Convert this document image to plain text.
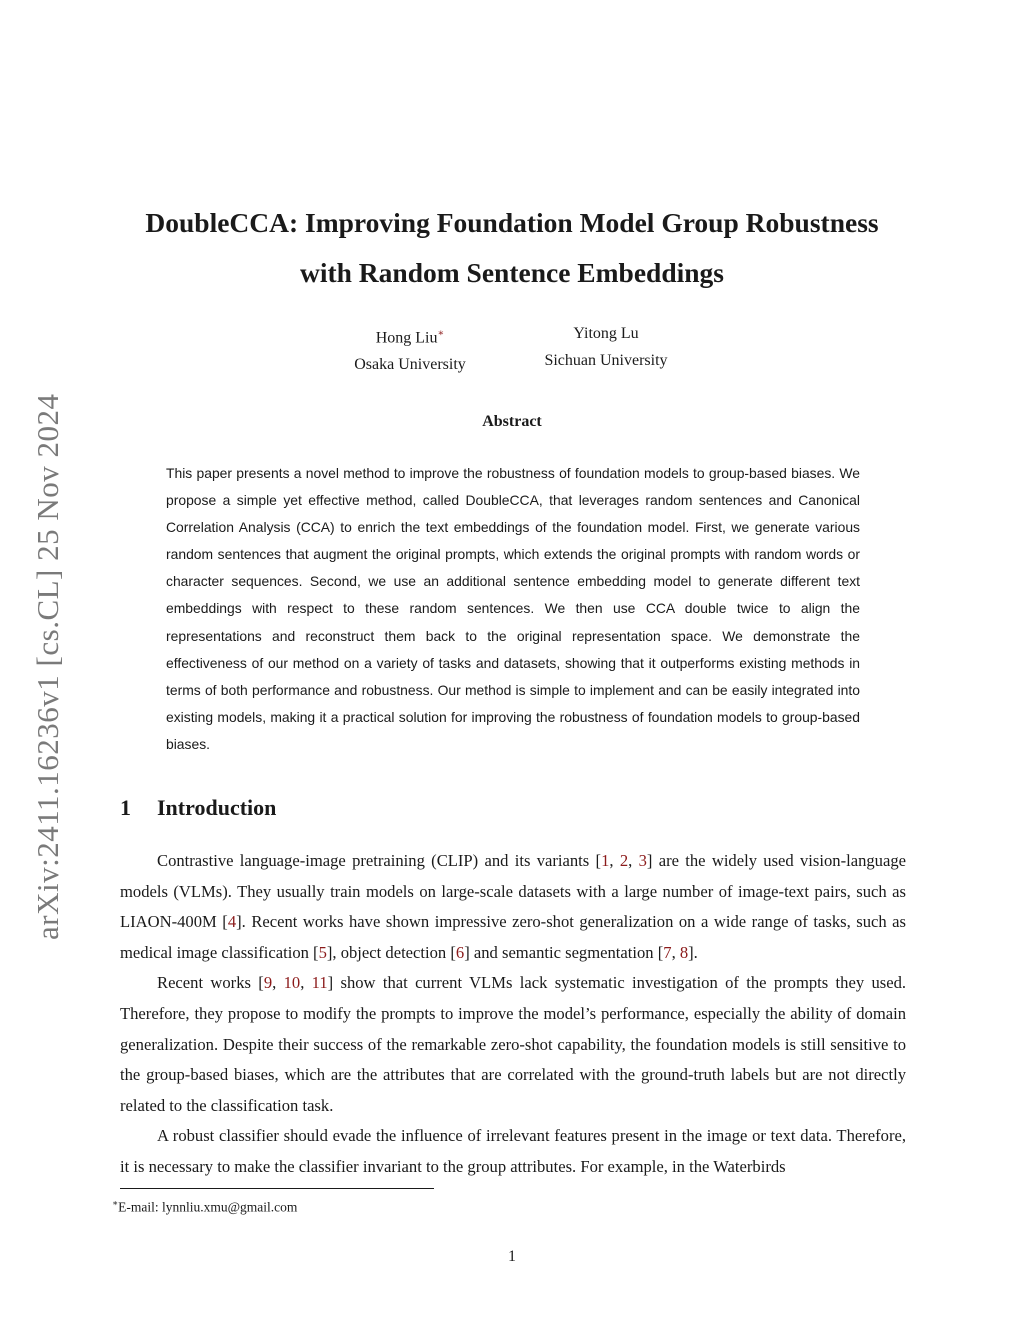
arXiv:2411.16236v1 [cs.CL] 25 Nov 2024
DoubleCCA: Improving Foundation Model Group Robustness
with Random Sentence Embeddings
Hong Liu∗
Osaka University
Yitong Lu
Sichuan University
Abstract
This paper presents a novel method to improve the robustness of foundation models to group-based biases. We propose a simple yet effective method, called DoubleCCA, that leverages random sentences and Canonical Correlation Analysis (CCA) to enrich the text embeddings of the foundation model. First, we generate various random sentences that augment the original prompts, which extends the original prompts with random words or character sequences. Second, we use an additional sentence embedding model to generate different text embeddings with respect to these random sentences. We then use CCA double twice to align the representations and reconstruct them back to the original representation space. We demonstrate the effectiveness of our method on a variety of tasks and datasets, showing that it outperforms existing methods in terms of both performance and robustness. Our method is simple to implement and can be easily integrated into existing models, making it a practical solution for improving the robustness of foundation models to group-based biases.
1 Introduction

Contrastive language-image pretraining (CLIP) and its variants [1, 2, 3] are the widely used vision-language models (VLMs). They usually train models on large-scale datasets with a large number of image-text pairs, such as LIAON-400M [4]. Recent works have shown impressive zero-shot generalization on a wide range of tasks, such as medical image classification [5], object detection [6] and semantic segmentation [7, 8].

Recent works [9, 10, 11] show that current VLMs lack systematic investigation of the prompts they used. Therefore, they propose to modify the prompts to improve the model’s performance, especially the ability of domain generalization. Despite their success of the remarkable zero-shot capability, the foundation models is still sensitive to the group-based biases, which are the attributes that are correlated with the ground-truth labels but are not directly related to the classification task.

A robust classifier should evade the influence of irrelevant features present in the image or text data. Therefore, it is necessary to make the classifier invariant to the group attributes. For example, in the Waterbirds

∗E-mail: lynnliu.xmu@gmail.com
1
